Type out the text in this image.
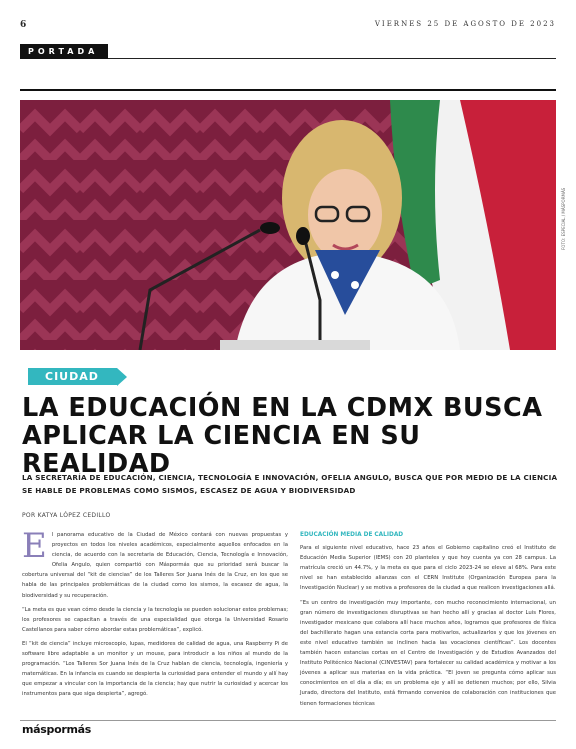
6	VIERNES 25 DE AGOSTO DE 2023
PORTADA
FOTO: ESPECIAL / MÁSPORMÁS
CIUDAD
LA EDUCACIÓN EN LA CDMX BUSCA APLICAR LA CIENCIA EN SU REALIDAD
LA SECRETARÍA DE EDUCACIÓN, CIENCIA, TECNOLOGÍA E INNOVACIÓN, OFELIA ANGULO, BUSCA QUE POR MEDIO DE LA CIENCIA SE HABLE DE PROBLEMAS COMO SISMOS, ESCASEZ DE AGUA Y BIODIVERSIDAD
POR KATYA LÓPEZ CEDILLO
E l panorama educativo de la Ciudad de México contará con nuevas propuestas y proyectos en todos los niveles académicos, especialmente aquellos enfocados en la ciencia, de acuerdo con la secretaria de Educación, Ciencia, Tecnología e Innovación, Ofelia Angulo, quien compartió con Máspormás que su prioridad será buscar la cobertura universal del “kit de ciencias” de los Talleres Sor Juana Inés de la Cruz, en los que se habla de las principales problemáticas de la ciudad como los sismos, la escasez de agua, la biodiversidad y su recuperación.

“La meta es que vean cómo desde la ciencia y la tecnología se pueden solucionar estos problemas; los profesores se capacitan a través de una especialidad que otorga la Universidad Rosario Castellanos para saber cómo abordar estas problemáticas”, explicó.

El “kit de ciencia” incluye microscopio, lupas, medidores de calidad de agua, una Raspberry Pi de software libre adaptable a un monitor y un mouse, para introducir a los niños al mundo de la programación. “Los Talleres Sor Juana Inés de la Cruz hablan de ciencia, tecnología, ingeniería y matemáticas. En la infancia es cuando se despierta la curiosidad para entender el mundo y allí hay que empezar a vincular con la importancia de la ciencia; hay que nutrir la curiosidad y acercar los instrumentos para que siga despierta”, agregó.

EDUCACIÓN MEDIA DE CALIDAD

Para el siguiente nivel educativo, hace 23 años el Gobierno capitalino creó el Instituto de Educación Media Superior (IEMS) con 20 planteles y que hoy cuenta ya con 28 campus. La matrícula creció un 44.7%, y la meta es que para el ciclo 2023-24 se eleve al 68%. Para este nivel se han establecido alianzas con el CERN Institute (Organización Europea para la Investigación Nuclear) y se motiva a profesores de la ciudad a que realicen investigaciones allá.

“Es un centro de investigación muy importante, con mucho reconocimiento internacional, un gran número de investigaciones disruptivas se han hecho allí y gracias al doctor Luis Flores, investigador mexicano que colabora allí hace muchos años, logramos que profesores de física del bachillerato hagan una estancia corta para motivarlos, actualizarlos y que los jóvenes en este nivel educativo también se inclinen hacia las vocaciones científicas”. Los docentes también hacen estancias cortas en el Centro de Investigación y de Estudios Avanzados del Instituto Politécnico Nacional (CINVESTAV) para fortalecer su calidad académica y motivar a los jóvenes a aplicar sus materias en la vida práctica. “El joven se pregunta cómo aplicar sus conocimientos en el día a día; es un problema eje y allí se detienen muchos; por ello, Silvia Jurado, directora del Instituto, está firmando convenios de colaboración con instituciones que tienen formaciones técnicas

máspormás
